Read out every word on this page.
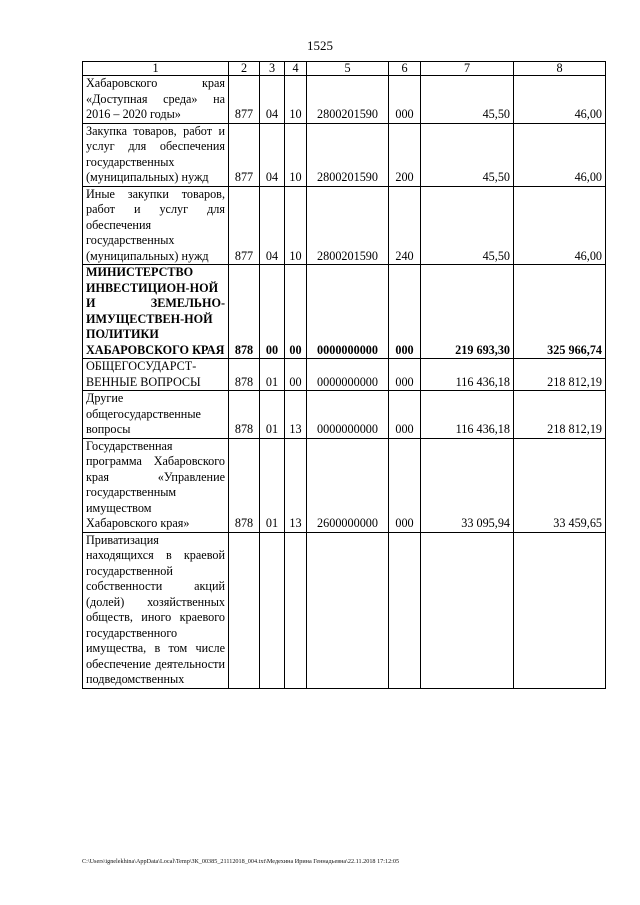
1525
1	2	3	4	5	6	7	8
Хабаровского края «Доступная среда» на 2016 – 2020 годы»	877	04	10	2800201590	000	45,50	46,00
Закупка товаров, работ и услуг для обеспечения государственных (муниципальных) нужд	877	04	10	2800201590	200	45,50	46,00
Иные закупки товаров, работ и услуг для обеспечения государственных (муниципальных) нужд	877	04	10	2800201590	240	45,50	46,00
МИНИСТЕРСТВО ИНВЕСТИЦИОН-НОЙ И ЗЕМЕЛЬНО-ИМУЩЕСТВЕН-НОЙ ПОЛИТИКИ ХАБАРОВСКОГО КРАЯ	878	00	00	0000000000	000	219 693,30	325 966,74
ОБЩЕГОСУДАРСТ-ВЕННЫЕ ВОПРОСЫ	878	01	00	0000000000	000	116 436,18	218 812,19
Другие общегосударственные вопросы	878	01	13	0000000000	000	116 436,18	218 812,19
Государственная программа Хабаровского края «Управление государственным имуществом Хабаровского края»	878	01	13	2600000000	000	33 095,94	33 459,65
Приватизация находящихся в краевой государственной собственности акций (долей) хозяйственных обществ, иного краевого государственного имущества, в том числе обеспечение деятельности подведомственных							
C:\Users\ignelekhina\AppData\Local\Temp\ЗК_00385_21112018_004.txt\Медехина Ирина Геннадьевна\22.11.2018 17:12:05
